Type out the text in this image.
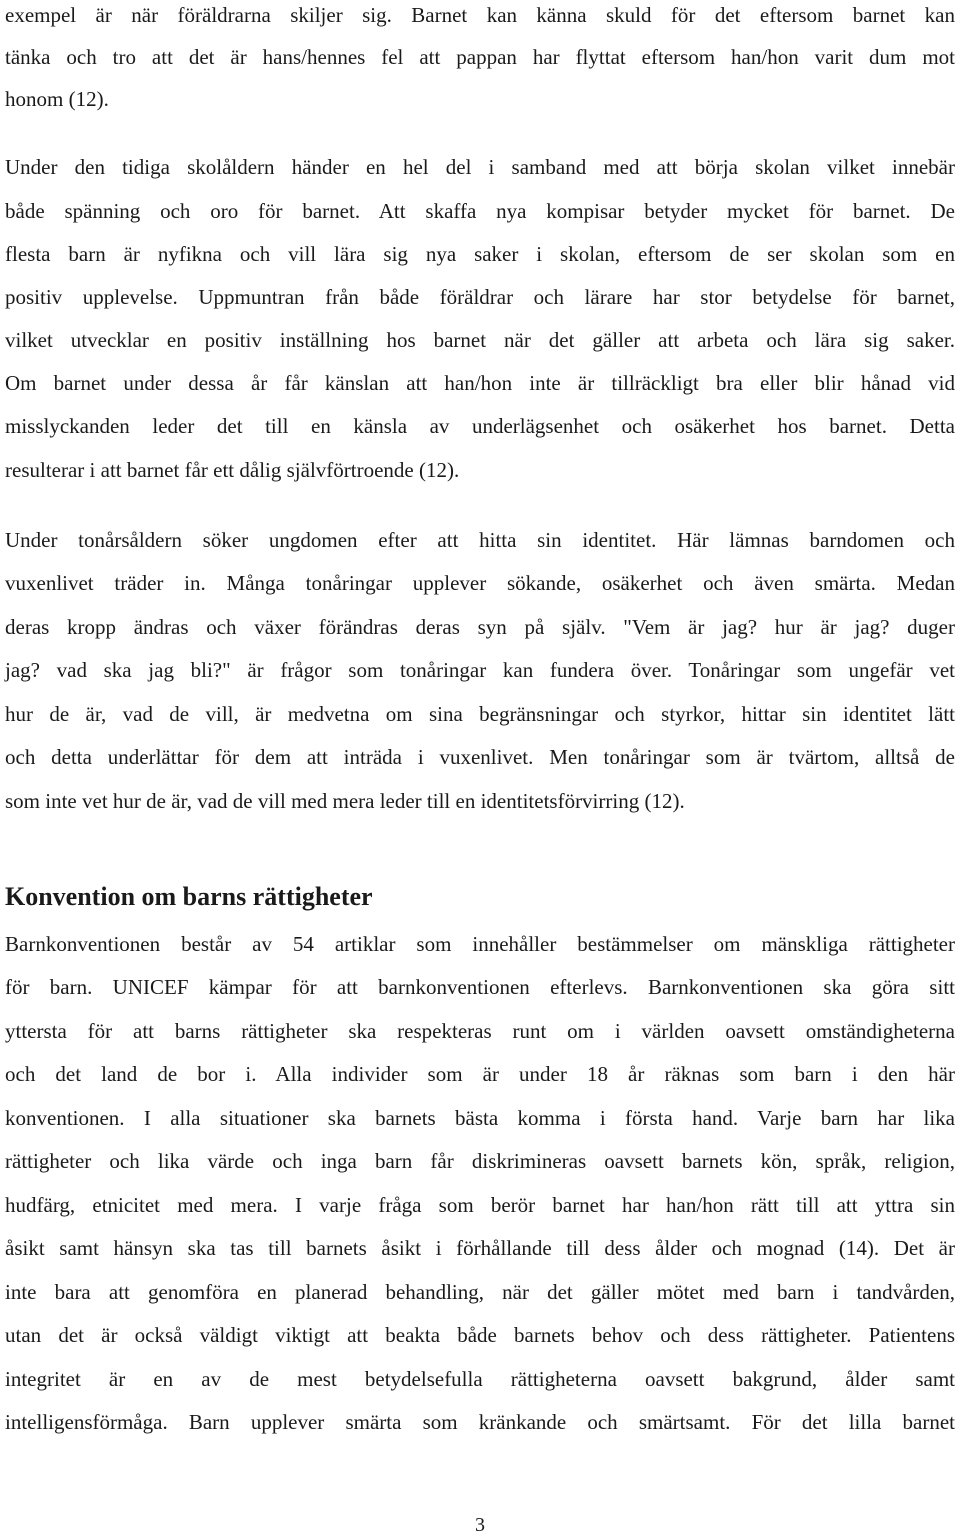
exempel är när föräldrarna skiljer sig. Barnet kan känna skuld för det eftersom barnet kan
tänka och tro att det är hans/hennes fel att pappan har flyttat eftersom han/hon varit dum mot
honom (12).
Under den tidiga skolåldern händer en hel del i samband med att börja skolan vilket innebär
både spänning och oro för barnet. Att skaffa nya kompisar betyder mycket för barnet. De
flesta barn är nyfikna och vill lära sig nya saker i skolan, eftersom de ser skolan som en
positiv upplevelse. Uppmuntran från både föräldrar och lärare har stor betydelse för barnet,
vilket utvecklar en positiv inställning hos barnet när det gäller att arbeta och lära sig saker.
Om barnet under dessa år får känslan att han/hon inte är tillräckligt bra eller blir hånad vid
misslyckanden leder det till en känsla av underlägsenhet och osäkerhet hos barnet. Detta
resulterar i att barnet får ett dålig självförtroende (12).
Under tonårsåldern söker ungdomen efter att hitta sin identitet. Här lämnas barndomen och
vuxenlivet träder in. Många tonåringar upplever sökande, osäkerhet och även smärta. Medan
deras kropp ändras och växer förändras deras syn på själv. "Vem är jag? hur är jag? duger
jag? vad ska jag bli?" är frågor som tonåringar kan fundera över. Tonåringar som ungefär vet
hur de är, vad de vill, är medvetna om sina begränsningar och styrkor, hittar sin identitet lätt
och detta underlättar för dem att inträda i vuxenlivet. Men tonåringar som är tvärtom, alltså de
som inte vet hur de är, vad de vill med mera leder till en identitetsförvirring (12).
Konvention om barns rättigheter
Barnkonventionen består av 54 artiklar som innehåller bestämmelser om mänskliga rättigheter
för barn. UNICEF kämpar för att barnkonventionen efterlevs. Barnkonventionen ska göra sitt
yttersta för att barns rättigheter ska respekteras runt om i världen oavsett omständigheterna
och det land de bor i. Alla individer som är under 18 år räknas som barn i den här
konventionen. I alla situationer ska barnets bästa komma i första hand. Varje barn har lika
rättigheter och lika värde och inga barn får diskrimineras oavsett barnets kön, språk, religion,
hudfärg, etnicitet med mera. I varje fråga som berör barnet har han/hon rätt till att yttra sin
åsikt samt hänsyn ska tas till barnets åsikt i förhållande till dess ålder och mognad (14). Det är
inte bara att genomföra en planerad behandling, när det gäller mötet med barn i tandvården,
utan det är också väldigt viktigt att beakta både barnets behov och dess rättigheter. Patientens
integritet är en av de mest betydelsefulla rättigheterna oavsett bakgrund, ålder samt
intelligensförmåga. Barn upplever smärta som kränkande och smärtsamt. För det lilla barnet
3
